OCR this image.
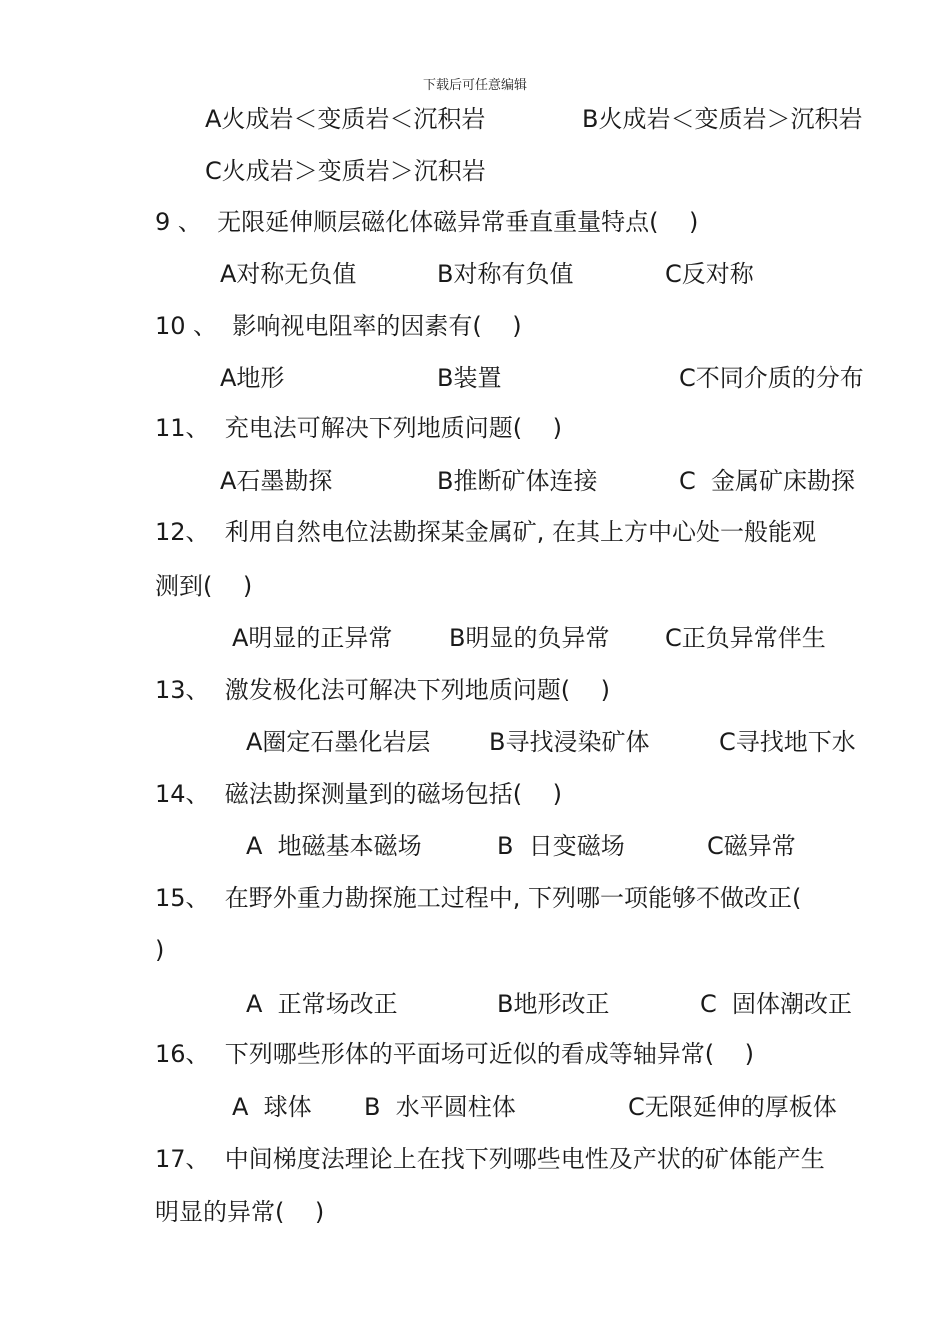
下载后可任意编辑
A火成岩＜变质岩＜沉积岩	B火成岩＜变质岩＞沉积岩
C火成岩＞变质岩＞沉积岩
9 、  无限延伸顺层磁化体磁异常垂直重量特点(    )
A对称无负值	B对称有负值	C反对称
10 、  影响视电阻率的因素有(    )
A地形	B装置	C不同介质的分布
11、  充电法可解决下列地质问题(    )
A石墨勘探	B推断矿体连接	C  金属矿床勘探
12、  利用自然电位法勘探某金属矿, 在其上方中心处一般能观
测到(    )
A明显的正异常 B明显的负异常 C正负异常伴生
13、  激发极化法可解决下列地质问题(    )
A圈定石墨化岩层 B寻找浸染矿体	C寻找地下水
14、  磁法勘探测量到的磁场包括(    )
A  地磁基本磁场	B  日变磁场	C磁异常
15、  在野外重力勘探施工过程中, 下列哪一项能够不做改正(
)
A  正常场改正	B地形改正	C  固体潮改正
16、  下列哪些形体的平面场可近似的看成等轴异常(    )
A  球体 B  水平圆柱体	C无限延伸的厚板体
17、  中间梯度法理论上在找下列哪些电性及产状的矿体能产生
明显的异常(    )
